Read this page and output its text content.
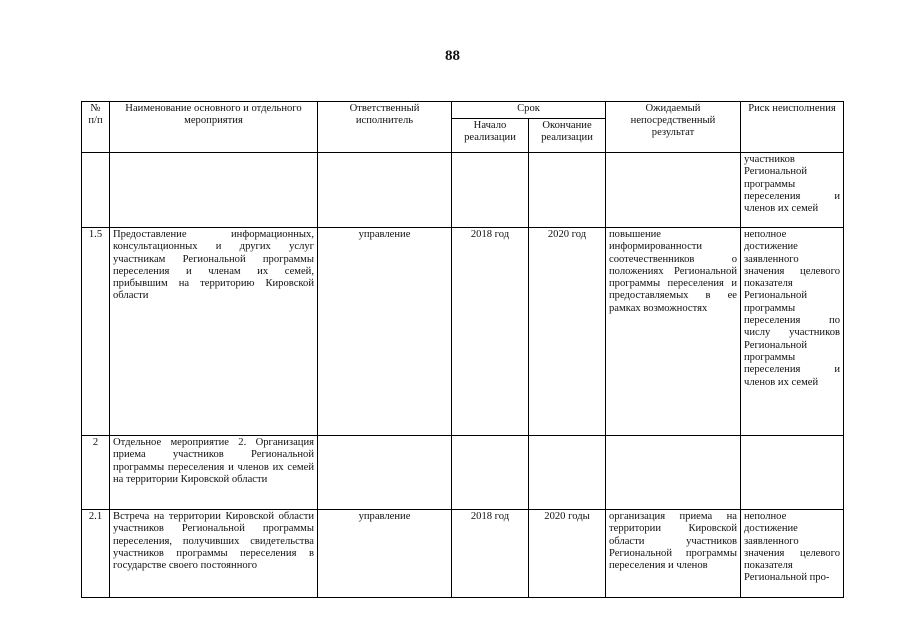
88
№ п/п	Наименование основного и отдельного мероприятия	Ответственный исполнитель	Срок		Ожидаемый непосредственный результат	Риск неисполнения
			Начало реализации	Окончание реализации		
						участников Региональной программы переселения и членов их семей
1.5	Предоставление информационных, консультационных и других услуг участникам Региональной программы переселения и членам их семей, прибывшим на территорию Кировской области	управление	2018 год	2020 год	повышение информированности соотечественников о положениях Региональной программы переселения и предоставляемых в ее рамках возможностях	неполное достижение заявленного значения целевого показателя Региональной программы переселения по числу участников Региональной программы переселения и членов их семей
2	Отдельное мероприятие 2. Организация приема участников Региональной программы переселения и членов их семей на территории Кировской области					
2.1	Встреча на территории Кировской области участников Региональной программы переселения, получивших свидетельства участников программы переселения в государстве своего постоянного	управление	2018 год	2020 годы	организация приема на территории Кировской области участников Региональной программы переселения и членов	неполное достижение заявленного значения целевого показателя Региональной про-
